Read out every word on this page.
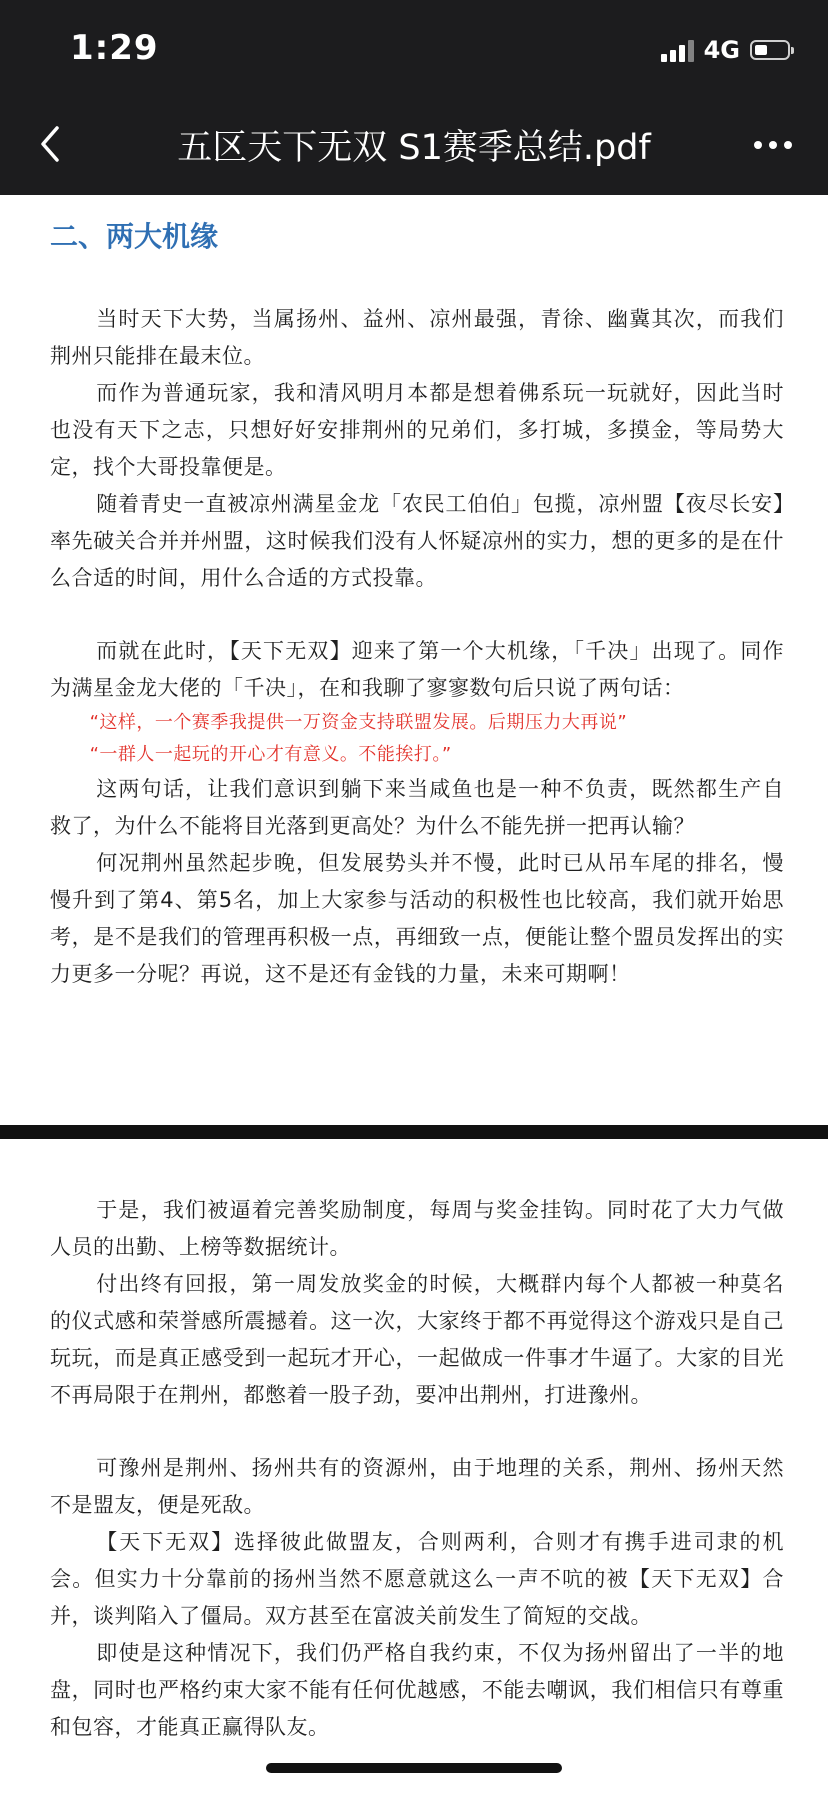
1:29	4G
五区天下无双 S1赛季总结.pdf
二、两大机缘

当时天下大势，当属扬州、益州、凉州最强，青徐、幽冀其次，而我们荆州只能排在最末位。

而作为普通玩家，我和清风明月本都是想着佛系玩一玩就好，因此当时也没有天下之志，只想好好安排荆州的兄弟们，多打城，多摸金，等局势大定，找个大哥投靠便是。

随着青史一直被凉州满星金龙「农民工伯伯」包揽，凉州盟【夜尽长安】率先破关合并并州盟，这时候我们没有人怀疑凉州的实力，想的更多的是在什么合适的时间，用什么合适的方式投靠。

而就在此时，【天下无双】迎来了第一个大机缘，「千决」出现了。同作为满星金龙大佬的「千决」，在和我聊了寥寥数句后只说了两句话：

“这样，一个赛季我提供一万资金支持联盟发展。后期压力大再说”

“一群人一起玩的开心才有意义。不能挨打。”

这两句话，让我们意识到躺下来当咸鱼也是一种不负责，既然都生产自救了，为什么不能将目光落到更高处？为什么不能先拼一把再认输？

何况荆州虽然起步晚，但发展势头并不慢，此时已从吊车尾的排名，慢慢升到了第4、第5名，加上大家参与活动的积极性也比较高，我们就开始思考，是不是我们的管理再积极一点，再细致一点，便能让整个盟员发挥出的实力更多一分呢？再说，这不是还有金钱的力量，未来可期啊！

于是，我们被逼着完善奖励制度，每周与奖金挂钩。同时花了大力气做人员的出勤、上榜等数据统计。

付出终有回报，第一周发放奖金的时候，大概群内每个人都被一种莫名的仪式感和荣誉感所震撼着。这一次，大家终于都不再觉得这个游戏只是自己玩玩，而是真正感受到一起玩才开心，一起做成一件事才牛逼了。大家的目光不再局限于在荆州，都憋着一股子劲，要冲出荆州，打进豫州。

可豫州是荆州、扬州共有的资源州，由于地理的关系，荆州、扬州天然不是盟友，便是死敌。

【天下无双】选择彼此做盟友，合则两利，合则才有携手进司隶的机会。但实力十分靠前的扬州当然不愿意就这么一声不吭的被【天下无双】合并，谈判陷入了僵局。双方甚至在富波关前发生了简短的交战。

即使是这种情况下，我们仍严格自我约束，不仅为扬州留出了一半的地盘，同时也严格约束大家不能有任何优越感，不能去嘲讽，我们相信只有尊重和包容，才能真正赢得队友。
